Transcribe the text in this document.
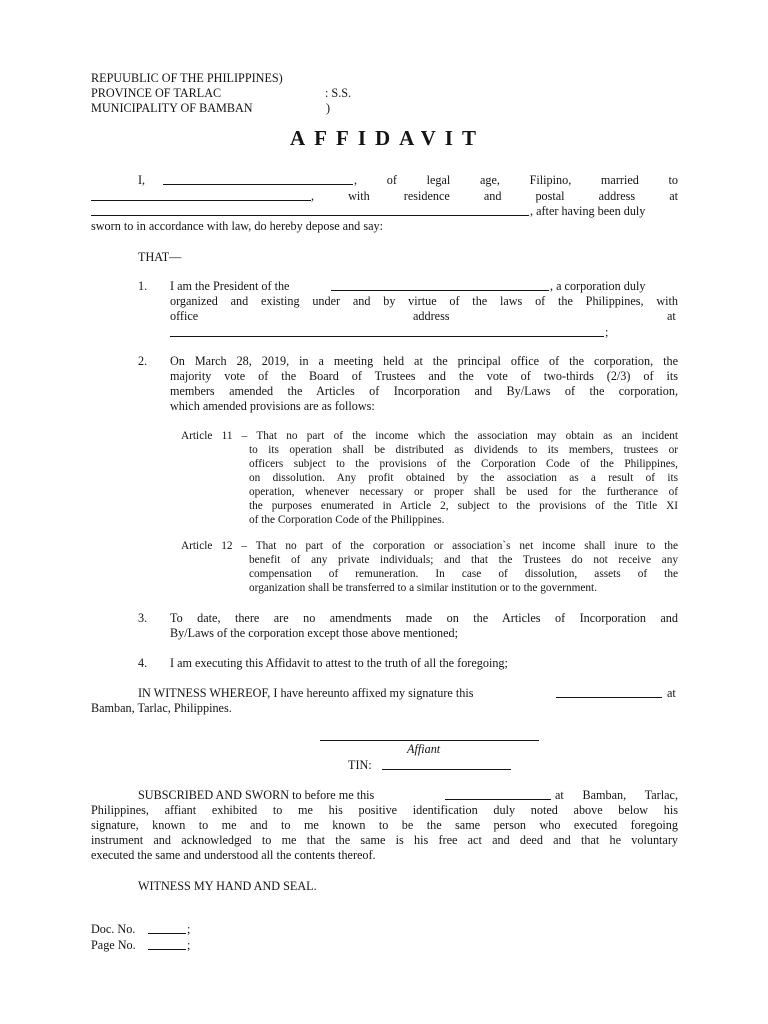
REPUUBLIC OF THE PHILIPPINES)
PROVINCE OF TARLAC	: S.S.
MUNICIPALITY OF BAMBAN	)
AFFIDAVIT
I,	, of legal age, Filipino, married to
, with residence and postal address at
, after having been duly
sworn to in accordance with law, do hereby depose and say:
THAT—
1. I am the President of the	, a corporation duly
organized and existing under and by virtue of the laws of the Philippines, with
office	address	at
;
2. On March 28, 2019, in a meeting held at the principal office of the corporation, the
majority vote of the Board of Trustees and the vote of two-thirds (2/3) of its
members amended the Articles of Incorporation and By/Laws of the corporation,
which amended provisions are as follows:
Article 11 – That no part of the income which the association may obtain as an incident
to its operation shall be distributed as dividends to its members, trustees or
officers subject to the provisions of the Corporation Code of the Philippines,
on dissolution. Any profit obtained by the association as a result of its
operation, whenever necessary or proper shall be used for the furtherance of
the purposes enumerated in Article 2, subject to the provisions of the Title XI
of the Corporation Code of the Philippines.
Article 12 – That no part of the corporation or association`s net income shall inure to the
benefit of any private individuals; and that the Trustees do not receive any
compensation of remuneration. In case of dissolution, assets of the
organization shall be transferred to a similar institution or to the government.
3. To date, there are no amendments made on the Articles of Incorporation and
By/Laws of the corporation except those above mentioned;
4. I am executing this Affidavit to attest to the truth of all the foregoing;
IN WITNESS WHEREOF, I have hereunto affixed my signature this	at
Bamban, Tarlac, Philippines.
Affiant
TIN:
SUBSCRIBED AND SWORN to before me this	at Bamban, Tarlac,
Philippines, affiant exhibited to me his positive identification duly noted above below his
signature, known to me and to me known to be the same person who executed foregoing
instrument and acknowledged to me that the same is his free act and deed and that he voluntary
executed the same and understood all the contents thereof.
WITNESS MY HAND AND SEAL.
Doc. No.	;
Page No.	;
